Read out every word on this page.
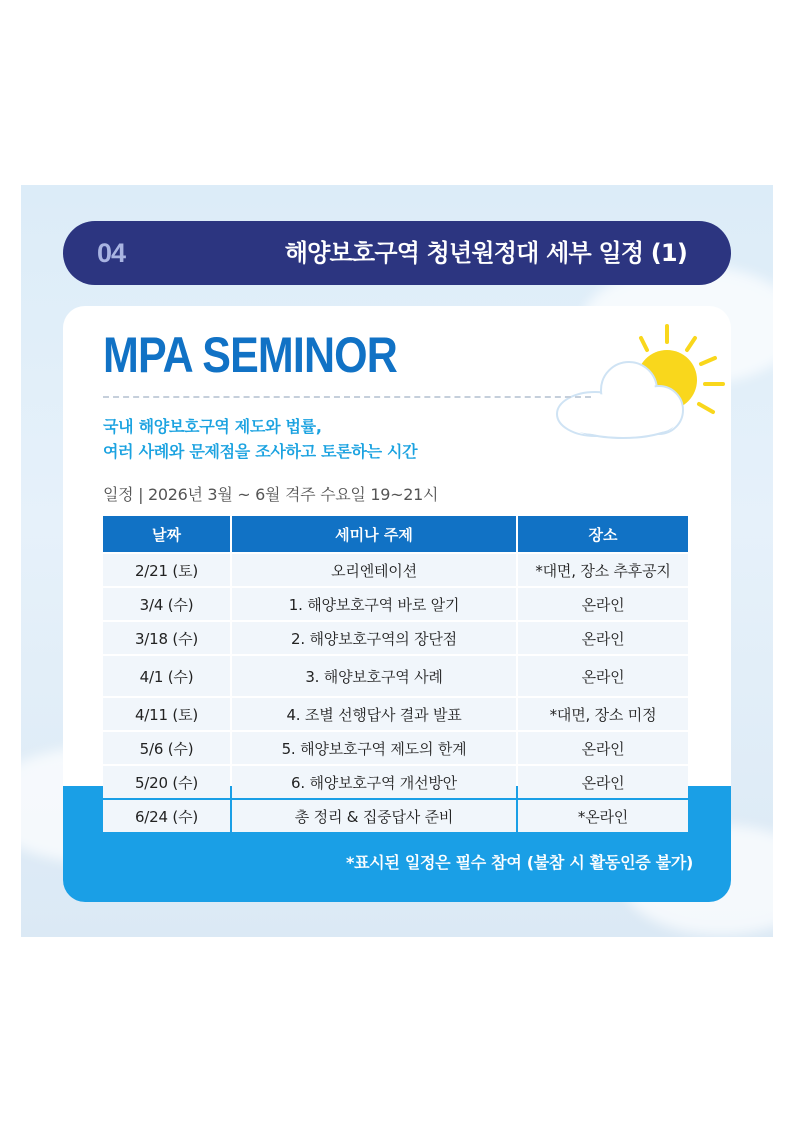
04	해양보호구역 청년원정대 세부 일정 (1)
MPA SEMINOR

국내 해양보호구역 제도와 법률,
여러 사례와 문제점을 조사하고 토론하는 시간

일정 | 2026년 3월 ~ 6월 격주 수요일 19~21시

날짜	세미나 주제	장소
2/21 (토)	오리엔테이션	*대면, 장소 추후공지
3/4 (수)	1. 해양보호구역 바로 알기	온라인
3/18 (수)	2. 해양보호구역의 장단점	온라인
4/1 (수)	3. 해양보호구역 사례	온라인
4/11 (토)	4. 조별 선행답사 결과 발표	*대면, 장소 미정
5/6 (수)	5. 해양보호구역 제도의 한계	온라인
5/20 (수)	6. 해양보호구역 개선방안	온라인
6/24 (수)	총 정리 & 집중답사 준비	*온라인

*표시된 일정은 필수 참여 (불참 시 활동인증 불가)
